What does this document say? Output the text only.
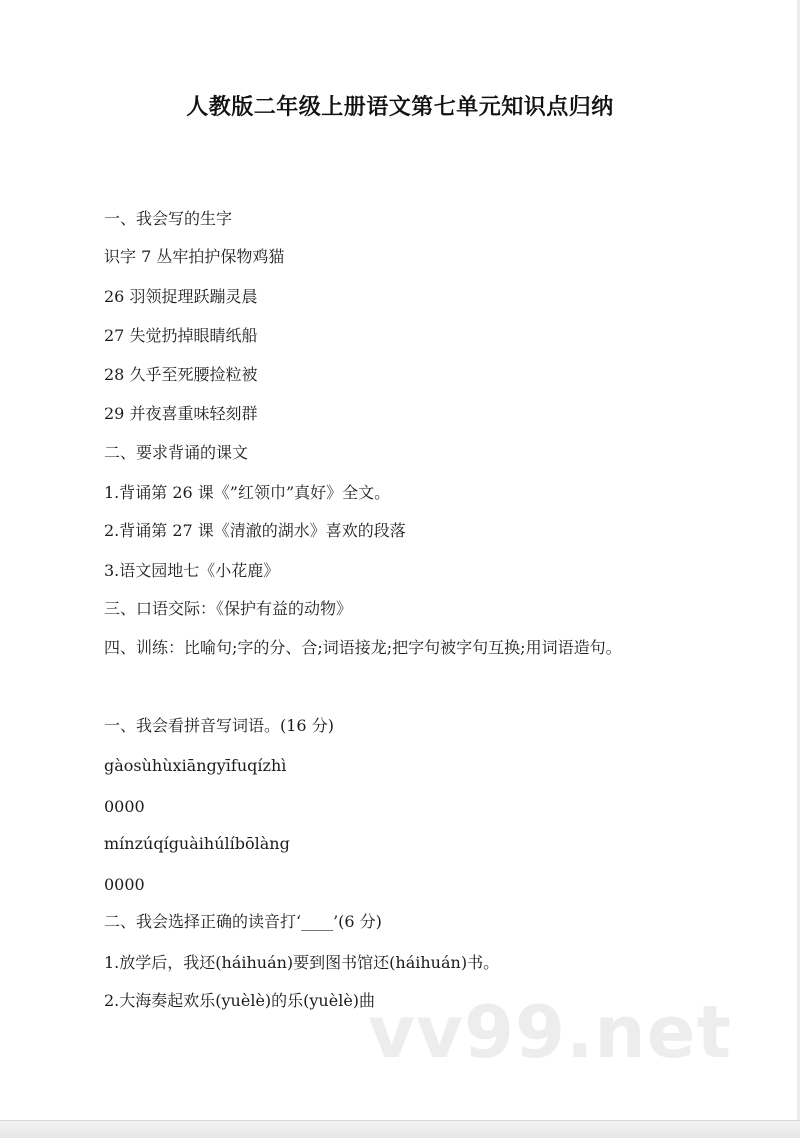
人教版二年级上册语文第七单元知识点归纳
一、我会写的生字
识字 7 丛牢拍护保物鸡猫
26 羽领捉理跃蹦灵晨
27 失觉扔掉眼睛纸船
28 久乎至死腰捡粒被
29 并夜喜重味轻刻群
二、要求背诵的课文
1.背诵第 26 课《”红领巾”真好》全文。
2.背诵第 27 课《清澈的湖水》喜欢的段落
3.语文园地七《小花鹿》
三、口语交际：《保护有益的动物》
四、训练：比喻句;字的分、合;词语接龙;把字句被字句互换;用词语造句。
一、我会看拼音写词语。(16 分)
gàosùhùxiāngyīfuqízhì
0000
mínzúqíguàihúlíbōlàng
0000
二、我会选择正确的读音打‘____’(6 分)
1.放学后，我还(háihuán)要到图书馆还(háihuán)书。
2.大海奏起欢乐(yuèlè)的乐(yuèlè)曲
vv99.net
